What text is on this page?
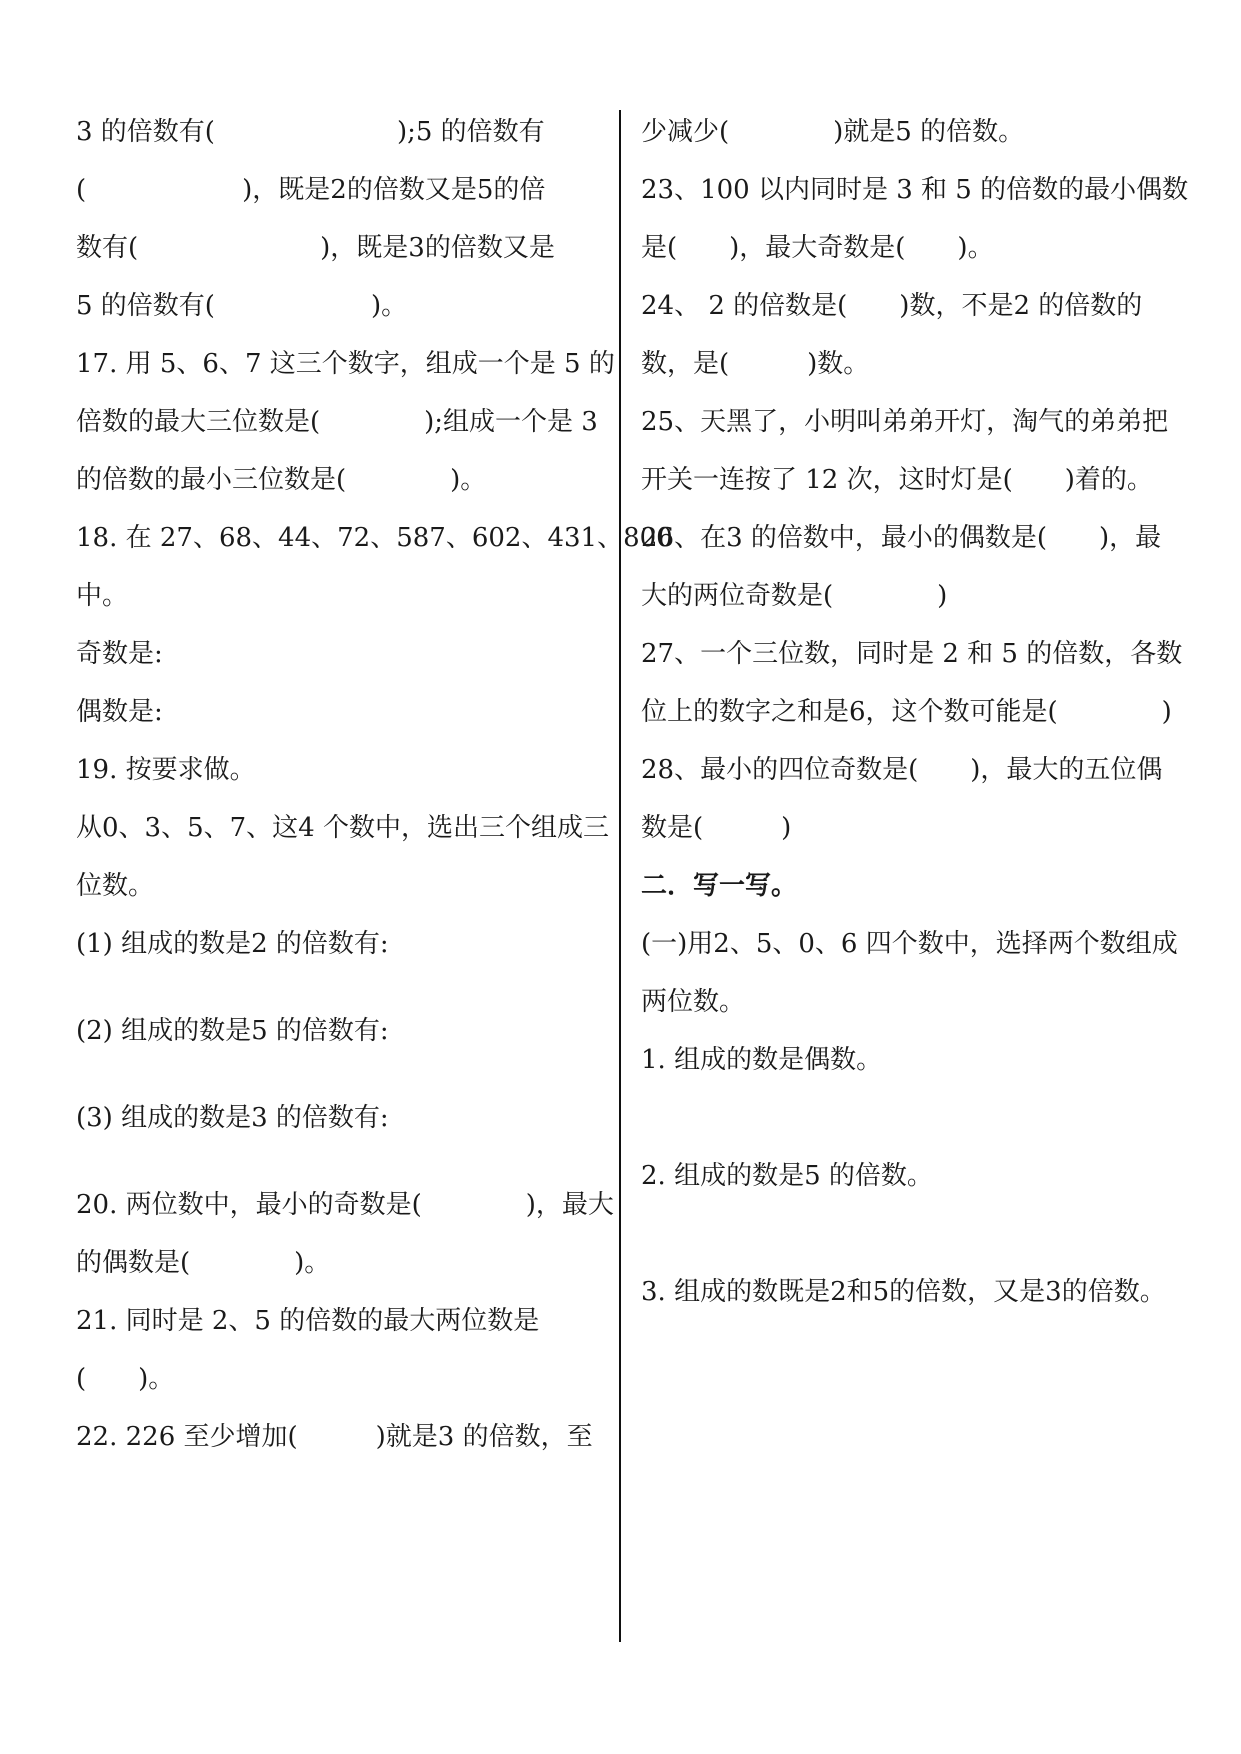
3 的倍数有(　　　　　　　);5 的倍数有
(　　　　　　)，既是2的倍数又是5的倍
数有(　　　　　　　)，既是3的倍数又是
5 的倍数有(　　　　　　)。
17. 用 5、6、7 这三个数字，组成一个是 5 的
倍数的最大三位数是(　　　　);组成一个是 3
的倍数的最小三位数是(　　　　)。
18. 在 27、68、44、72、587、602、431、800
中。
奇数是:
偶数是:
19. 按要求做。
从0、3、5、7、这4 个数中，选出三个组成三
位数。
(1) 组成的数是2 的倍数有:
(2) 组成的数是5 的倍数有:
(3) 组成的数是3 的倍数有:
20. 两位数中，最小的奇数是(　　　　)，最大
的偶数是(　　　　)。
21. 同时是 2、5 的倍数的最大两位数是
(　　)。
22. 226 至少增加(　　　)就是3 的倍数，至
少减少(　　　　)就是5 的倍数。
23、100 以内同时是 3 和 5 的倍数的最小偶数
是(　　)，最大奇数是(　　)。
24、 2 的倍数是(　　)数，不是2 的倍数的
数，是(　　　)数。
25、天黑了，小明叫弟弟开灯，淘气的弟弟把
开关一连按了 12 次，这时灯是(　　)着的。
26、在3 的倍数中，最小的偶数是(　　)，最
大的两位奇数是(　　　　)
27、一个三位数，同时是 2 和 5 的倍数，各数
位上的数字之和是6，这个数可能是(　　　　)
28、最小的四位奇数是(　　)，最大的五位偶
数是(　　　)
二．写一写。
(一)用2、5、0、6 四个数中，选择两个数组成
两位数。
1. 组成的数是偶数。
2. 组成的数是5 的倍数。
3. 组成的数既是2和5的倍数，又是3的倍数。
